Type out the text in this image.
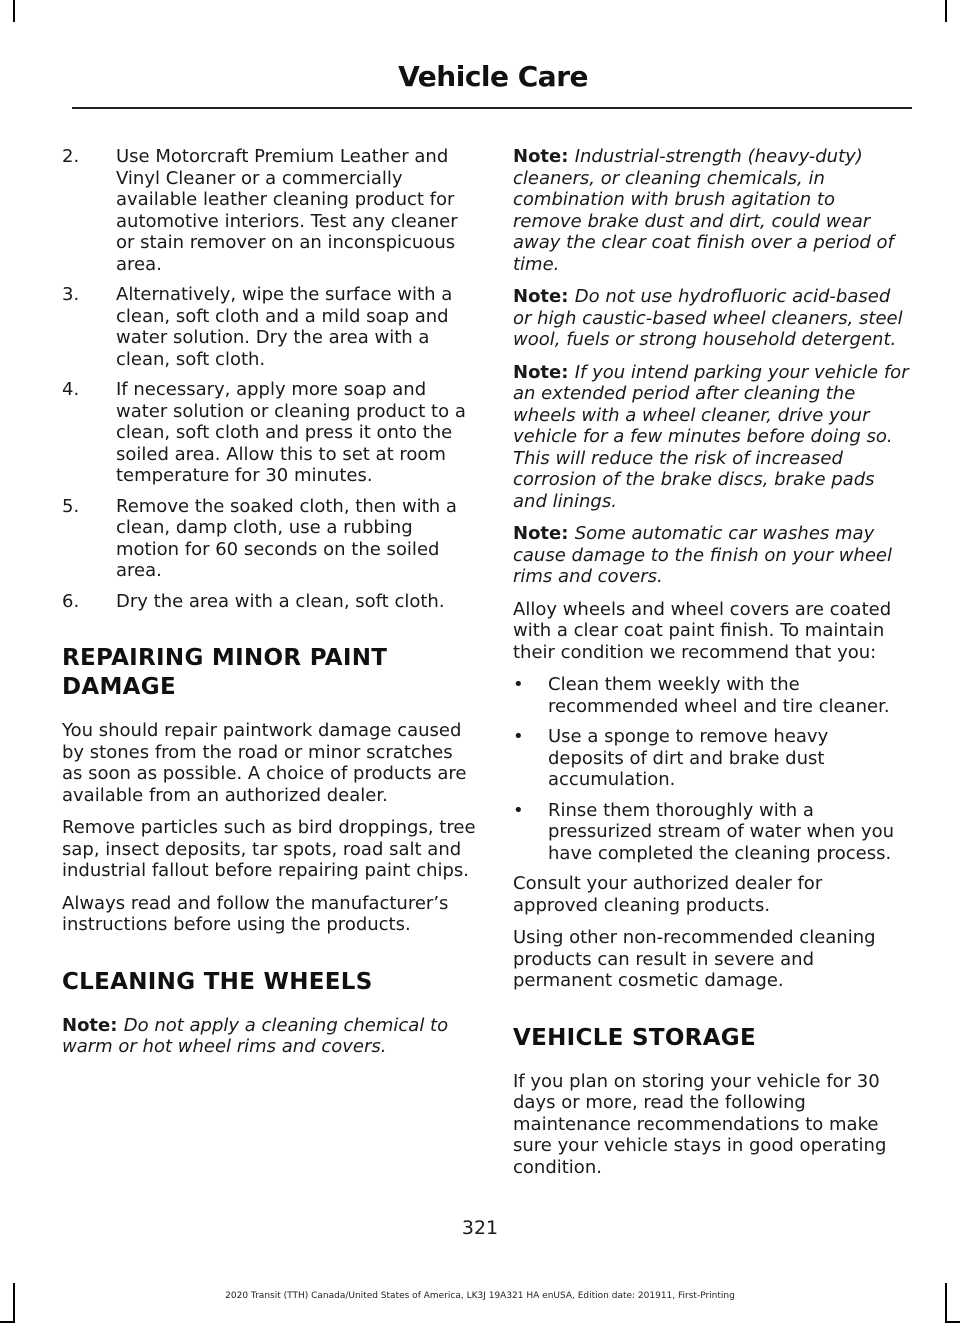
Vehicle Care
2.	Use Motorcraft Premium Leather and Vinyl Cleaner or a commercially available leather cleaning product for automotive interiors. Test any cleaner or stain remover on an inconspicuous area.
3.	Alternatively, wipe the surface with a clean, soft cloth and a mild soap and water solution. Dry the area with a clean, soft cloth.
4.	If necessary, apply more soap and water solution or cleaning product to a clean, soft cloth and press it onto the soiled area. Allow this to set at room temperature for 30 minutes.
5.	Remove the soaked cloth, then with a clean, damp cloth, use a rubbing motion for 60 seconds on the soiled area.
6.	Dry the area with a clean, soft cloth.
REPAIRING MINOR PAINT
DAMAGE

You should repair paintwork damage caused by stones from the road or minor scratches as soon as possible. A choice of products are available from an authorized dealer.

Remove particles such as bird droppings, tree sap, insect deposits, tar spots, road salt and industrial fallout before repairing paint chips.

Always read and follow the manufacturer’s instructions before using the products.

CLEANING THE WHEELS

Note: Do not apply a cleaning chemical to warm or hot wheel rims and covers.

Note: Industrial-strength (heavy-duty) cleaners, or cleaning chemicals, in combination with brush agitation to remove brake dust and dirt, could wear away the clear coat finish over a period of time.

Note: Do not use hydrofluoric acid-based or high caustic-based wheel cleaners, steel wool, fuels or strong household detergent.

Note: If you intend parking your vehicle for an extended period after cleaning the wheels with a wheel cleaner, drive your vehicle for a few minutes before doing so. This will reduce the risk of increased corrosion of the brake discs, brake pads and linings.

Note: Some automatic car washes may cause damage to the finish on your wheel rims and covers.

Alloy wheels and wheel covers are coated with a clear coat paint finish. To maintain their condition we recommend that you:

•	Clean them weekly with the recommended wheel and tire cleaner.
•	Use a sponge to remove heavy deposits of dirt and brake dust accumulation.
•	Rinse them thoroughly with a pressurized stream of water when you have completed the cleaning process.

Consult your authorized dealer for approved cleaning products.

Using other non-recommended cleaning products can result in severe and permanent cosmetic damage.

VEHICLE STORAGE

If you plan on storing your vehicle for 30 days or more, read the following maintenance recommendations to make sure your vehicle stays in good operating condition.

321
2020 Transit (TTH) Canada/United States of America, LK3J 19A321 HA enUSA, Edition date: 201911, First-Printing
